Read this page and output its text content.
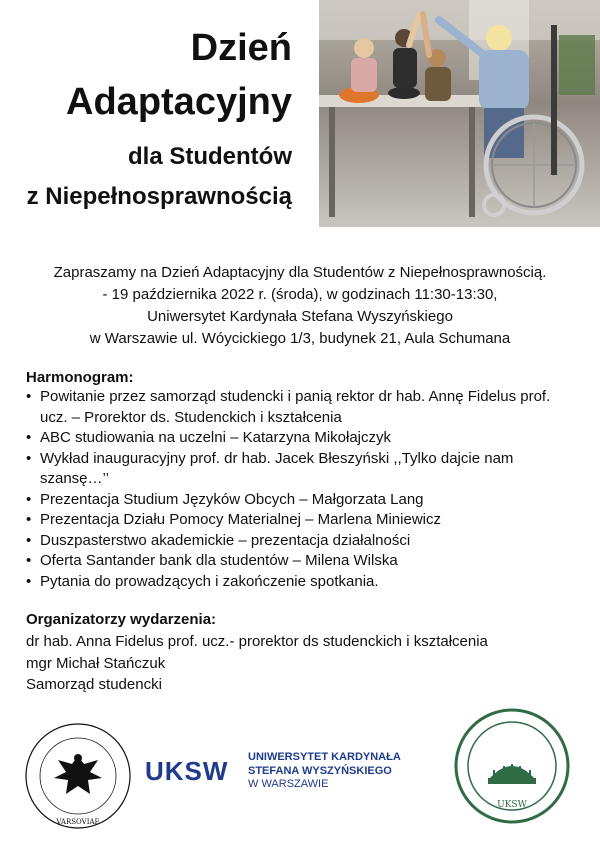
Dzień
Adaptacyjny
dla Studentów
z Niepełnosprawnością
Zapraszamy na Dzień Adaptacyjny dla Studentów z Niepełnosprawnością.
- 19 października 2022 r. (środa), w godzinach 11:30-13:30,
Uniwersytet Kardynała Stefana Wyszyńskiego
w Warszawie ul. Wóycickiego 1/3, budynek 21, Aula Schumana
Harmonogram:
• Powitanie przez samorząd studencki i panią rektor dr hab. Annę Fidelus prof. ucz. – Prorektor ds. Studenckich i kształcenia
• ABC studiowania na uczelni – Katarzyna Mikołajczyk
• Wykład inauguracyjny prof. dr hab. Jacek Błeszyński ,,Tylko dajcie nam szansę…’’
• Prezentacja Studium Języków Obcych – Małgorzata Lang
• Prezentacja Działu Pomocy Materialnej – Marlena Miniewicz
• Duszpasterstwo akademickie – prezentacja działalności
• Oferta Santander bank dla studentów – Milena Wilska
• Pytania do prowadzących i zakończenie spotkania.
Organizatorzy wydarzenia:
dr hab. Anna Fidelus prof. ucz.- prorektor ds studenckich i kształcenia
mgr Michał Stańczuk
Samorząd studencki
VARSOVIAE
UKSW UNIWERSYTET KARDYNAŁA
STEFANA WYSZYŃSKIEGO
W WARSZAWIE
UKSW
